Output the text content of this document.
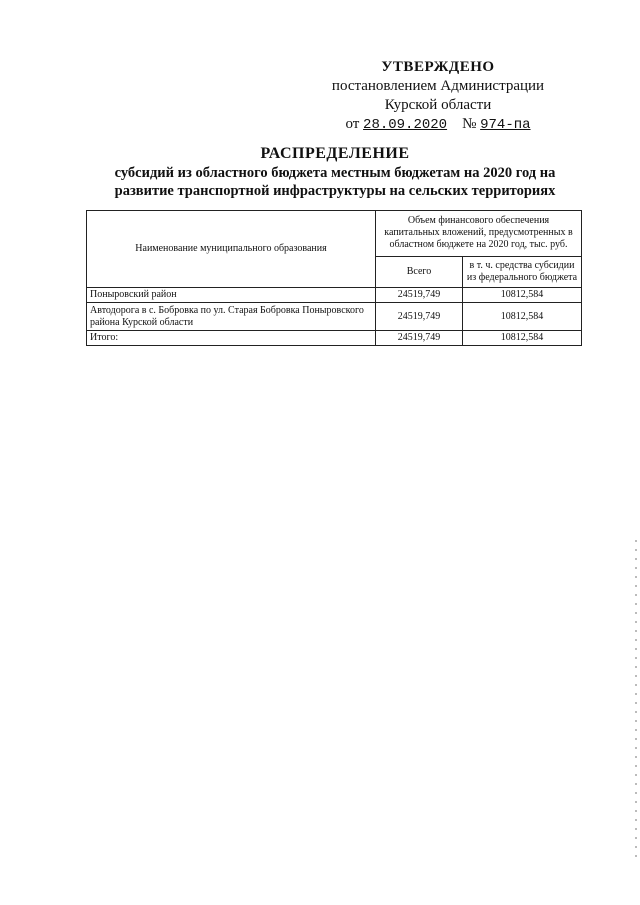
УТВЕРЖДЕНО
постановлением Администрации
Курской области
от 28.09.2020 № 974-па
РАСПРЕДЕЛЕНИЕ
субсидий из областного бюджета местным бюджетам на 2020 год на
развитие транспортной инфраструктуры на сельских территориях
Наименование муниципального образования	Объем финансового обеспечения капитальных вложений, предусмотренных в областном бюджете на 2020 год, тыс. руб.	
	Всего	в т. ч. средства субсидии из федерального бюджета
Поныровский район	24519,749	10812,584
Автодорога в с. Бобровка по ул. Старая Бобровка Поныровского района Курской области	24519,749	10812,584
Итого:	24519,749	10812,584
